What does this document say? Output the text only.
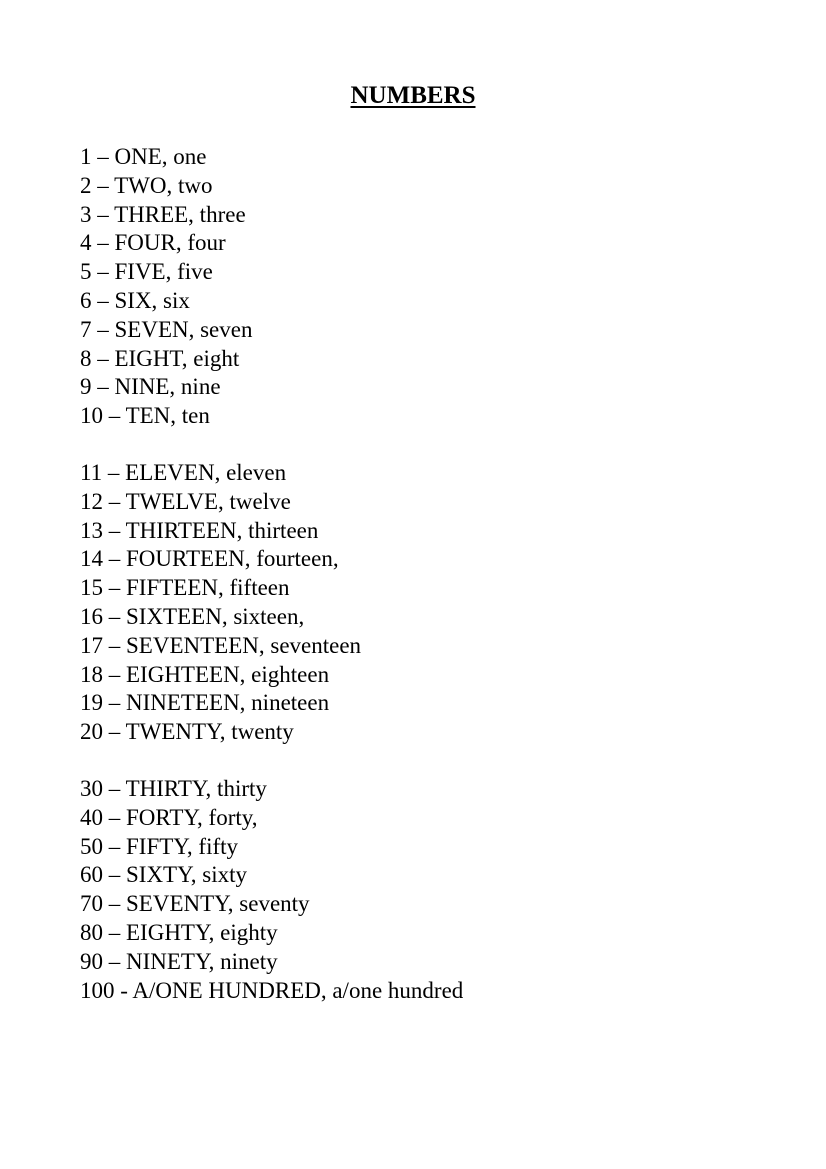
NUMBERS
1 – ONE, one
2 – TWO, two
3 – THREE, three
4 – FOUR, four
5 – FIVE, five
6 – SIX, six
7 – SEVEN, seven
8 – EIGHT, eight
9 – NINE, nine
10 – TEN, ten
11 – ELEVEN, eleven
12 – TWELVE, twelve
13 – THIRTEEN, thirteen
14 – FOURTEEN, fourteen,
15 – FIFTEEN, fifteen
16 – SIXTEEN, sixteen,
17 – SEVENTEEN, seventeen
18 – EIGHTEEN, eighteen
19 – NINETEEN, nineteen
20 – TWENTY, twenty
30 – THIRTY, thirty
40 – FORTY, forty,
50 – FIFTY, fifty
60 – SIXTY, sixty
70 – SEVENTY, seventy
80 – EIGHTY, eighty
90 – NINETY, ninety
100 - A/ONE HUNDRED, a/one hundred
